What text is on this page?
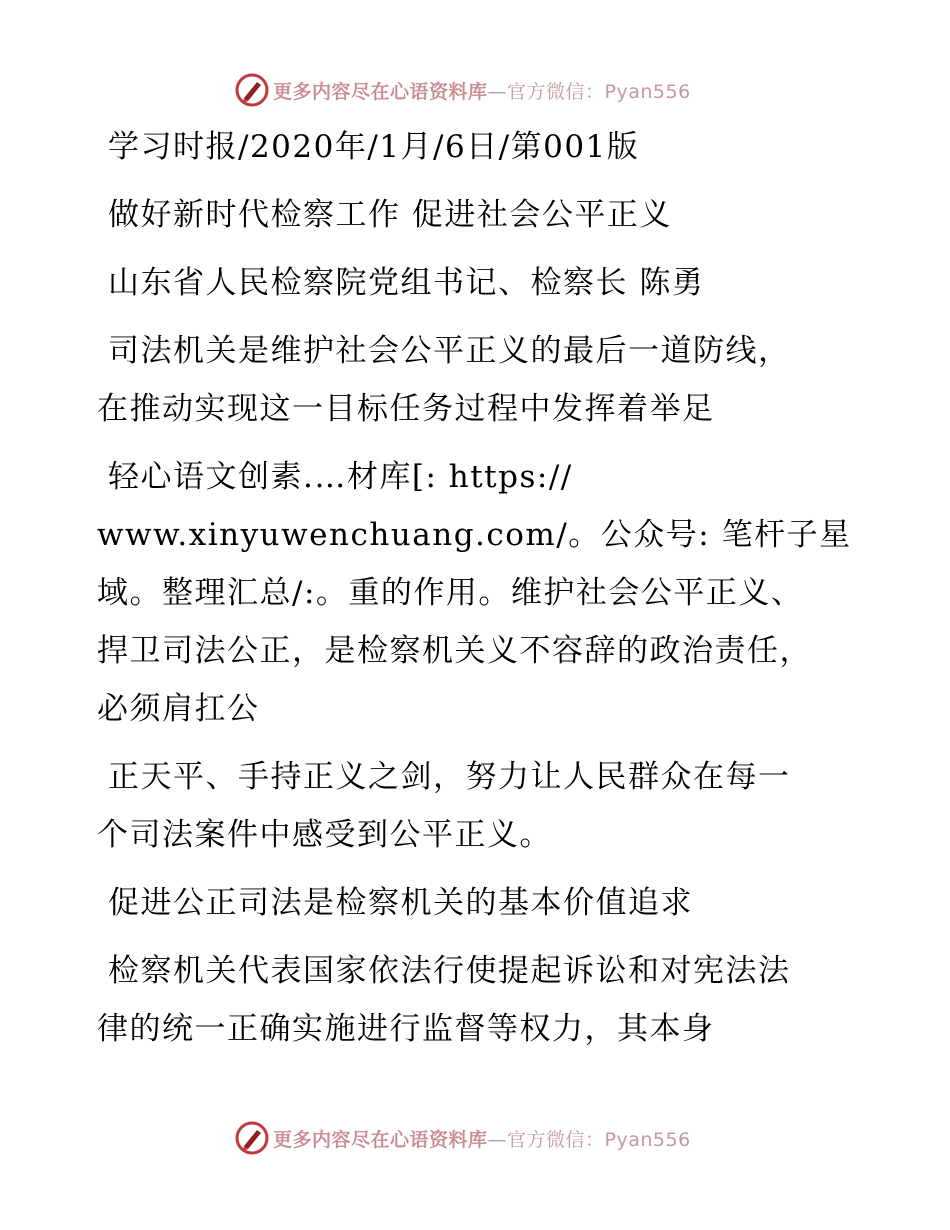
更多内容尽在心语资料库—官方微信：Pyan556
学习时报/2020年/1月/6日/第001版
做好新时代检察工作 促进社会公平正义
山东省人民检察院党组书记、检察长 陈勇
司法机关是维护社会公平正义的最后一道防线，
在推动实现这一目标任务过程中发挥着举足
轻心语文创素.…材库[: https://
www.xinyuwenchuang.com/。公众号: 笔杆子星
域。整理汇总/:。重的作用。维护社会公平正义、
捍卫司法公正，是检察机关义不容辞的政治责任，
必须肩扛公
正天平、手持正义之剑，努力让人民群众在每一
个司法案件中感受到公平正义。
促进公正司法是检察机关的基本价值追求
检察机关代表国家依法行使提起诉讼和对宪法法
律的统一正确实施进行监督等权力，其本身
更多内容尽在心语资料库—官方微信：Pyan556
